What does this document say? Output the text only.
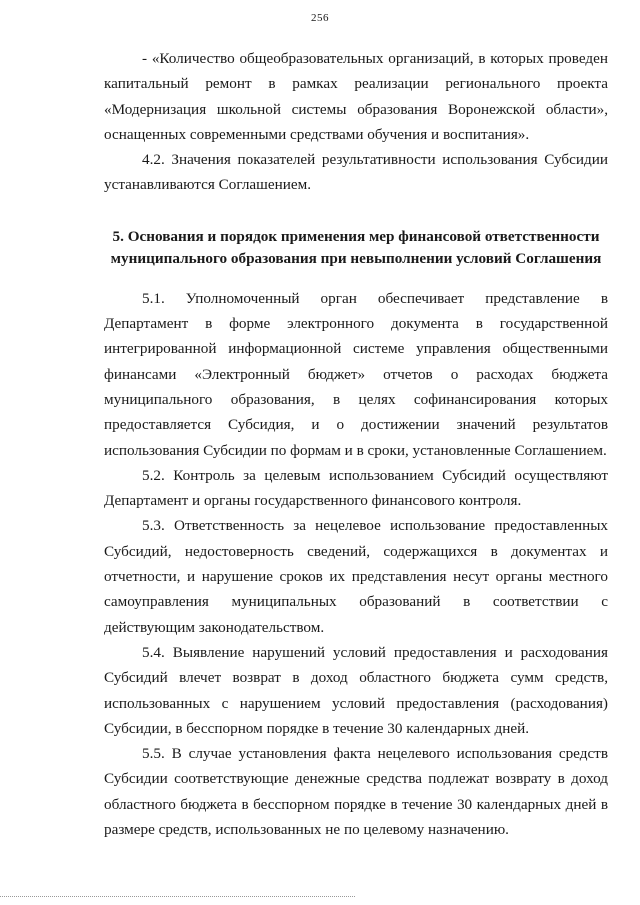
256

- «Количество общеобразовательных организаций, в которых проведен капитальный ремонт в рамках реализации регионального проекта «Модернизация школьной системы образования Воронежской области», оснащенных современными средствами обучения и воспитания».

4.2. Значения показателей результативности использования Субсидии устанавливаются Соглашением.

5. Основания и порядок применения мер финансовой ответственности
муниципального образования при невыполнении условий Соглашения

5.1. Уполномоченный орган обеспечивает представление в Департамент в форме электронного документа в государственной интегрированной информационной системе управления общественными финансами «Электронный бюджет» отчетов о расходах бюджета муниципального образования, в целях софинансирования которых предоставляется Субсидия, и о достижении значений результатов использования Субсидии по формам и в сроки, установленные Соглашением.

5.2. Контроль за целевым использованием Субсидий осуществляют Департамент и органы государственного финансового контроля.

5.3. Ответственность за нецелевое использование предоставленных Субсидий, недостоверность сведений, содержащихся в документах и отчетности, и нарушение сроков их представления несут органы местного самоуправления муниципальных образований в соответствии с действующим законодательством.

5.4. Выявление нарушений условий предоставления и расходования Субсидий влечет возврат в доход областного бюджета сумм средств, использованных с нарушением условий предоставления (расходования) Субсидии, в бесспорном порядке в течение 30 календарных дней.

5.5. В случае установления факта нецелевого использования средств Субсидии соответствующие денежные средства подлежат возврату в доход областного бюджета в бесспорном порядке в течение 30 календарных дней в размере средств, использованных не по целевому назначению.
